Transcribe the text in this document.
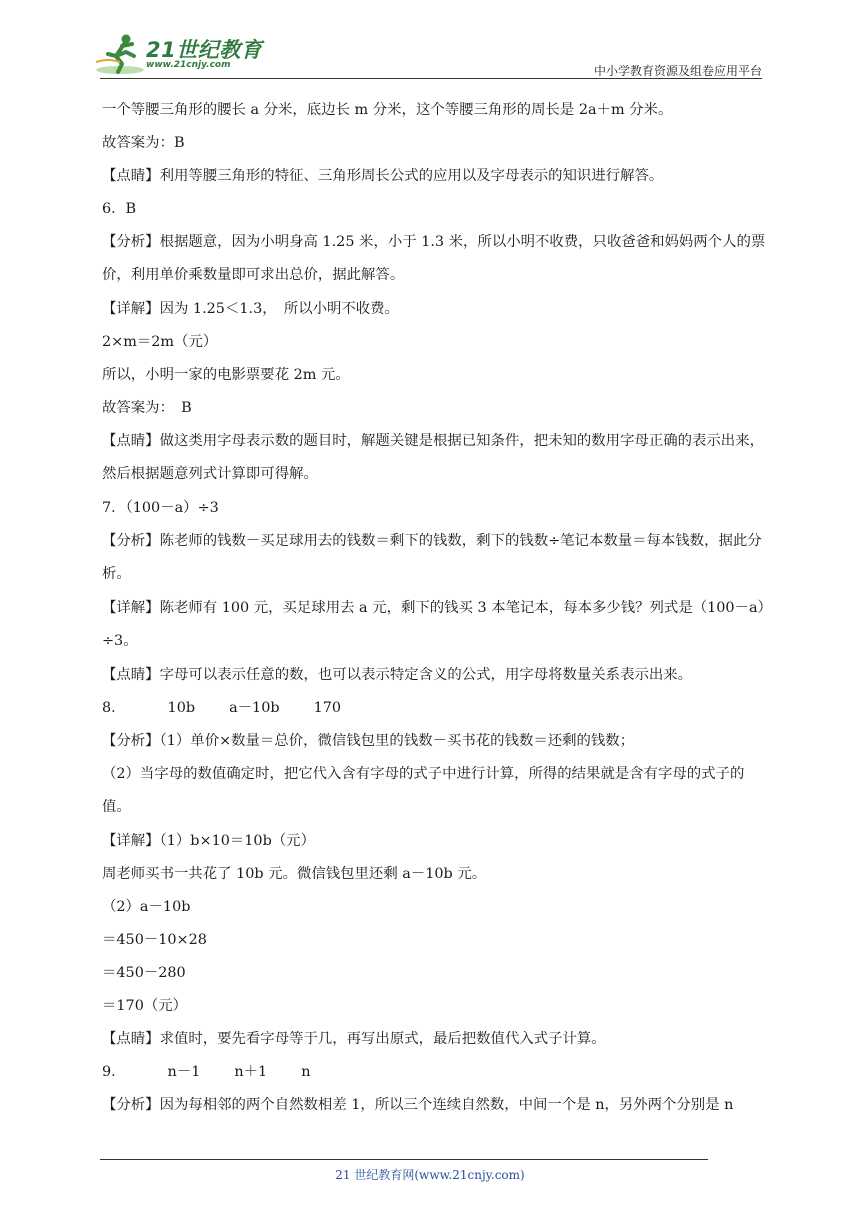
21世纪教育
www.21cnjy.com	中小学教育资源及组卷应用平台

一个等腰三角形的腰长 a 分米，底边长 m 分米，这个等腰三角形的周长是 2a＋m 分米。

故答案为：B

【点睛】利用等腰三角形的特征、三角形周长公式的应用以及字母表示的知识进行解答。

6．B

【分析】根据题意，因为小明身高 1.25 米，小于 1.3 米，所以小明不收费，只收爸爸和妈妈两个人的票价，利用单价乘数量即可求出总价，据此解答。

【详解】因为 1.25＜1.3，　所以小明不收费。

2×m＝2m（元）

所以，小明一家的电影票要花 2m 元。

故答案为：　B

【点睛】做这类用字母表示数的题目时，解题关键是根据已知条件，把未知的数用字母正确的表示出来，然后根据题意列式计算即可得解。

7．（100－a）÷3

【分析】陈老师的钱数－买足球用去的钱数＝剩下的钱数，剩下的钱数÷笔记本数量＝每本钱数，据此分析。

【详解】陈老师有 100 元，买足球用去 a 元，剩下的钱买 3 本笔记本，每本多少钱？列式是（100－a）÷3。

【点睛】字母可以表示任意的数，也可以表示特定含义的公式，用字母将数量关系表示出来。

8．	10b a－10b 170

【分析】（1）单价×数量＝总价，微信钱包里的钱数－买书花的钱数＝还剩的钱数；

（2）当字母的数值确定时，把它代入含有字母的式子中进行计算，所得的结果就是含有字母的式子的值。

【详解】（1）b×10＝10b（元）

周老师买书一共花了 10b 元。微信钱包里还剩 a－10b 元。

（2）a－10b

＝450－10×28

＝450－280

＝170（元）

【点睛】求值时，要先看字母等于几，再写出原式，最后把数值代入式子计算。

9．	n－1 n＋1 n

【分析】因为每相邻的两个自然数相差 1，所以三个连续自然数，中间一个是 n，另外两个分别是 n

21 世纪教育网(www.21cnjy.com)
